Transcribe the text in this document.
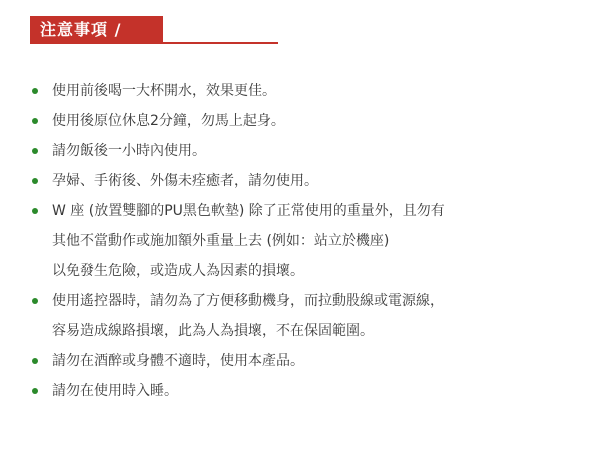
注意事項 /
使用前後喝一大杯開水，效果更佳。
使用後原位休息2分鐘，勿馬上起身。
請勿飯後一小時內使用。
孕婦、手術後、外傷未痊癒者，請勿使用。
W 座 (放置雙腳的PU黑色軟墊) 除了正常使用的重量外，且勿有
其他不當動作或施加額外重量上去 (例如：站立於機座)
以免發生危險，或造成人為因素的損壞。
使用遙控器時，請勿為了方便移動機身，而拉動股線或電源線，
容易造成線路損壞，此為人為損壞，不在保固範圍。
請勿在酒醉或身體不適時，使用本產品。
請勿在使用時入睡。
